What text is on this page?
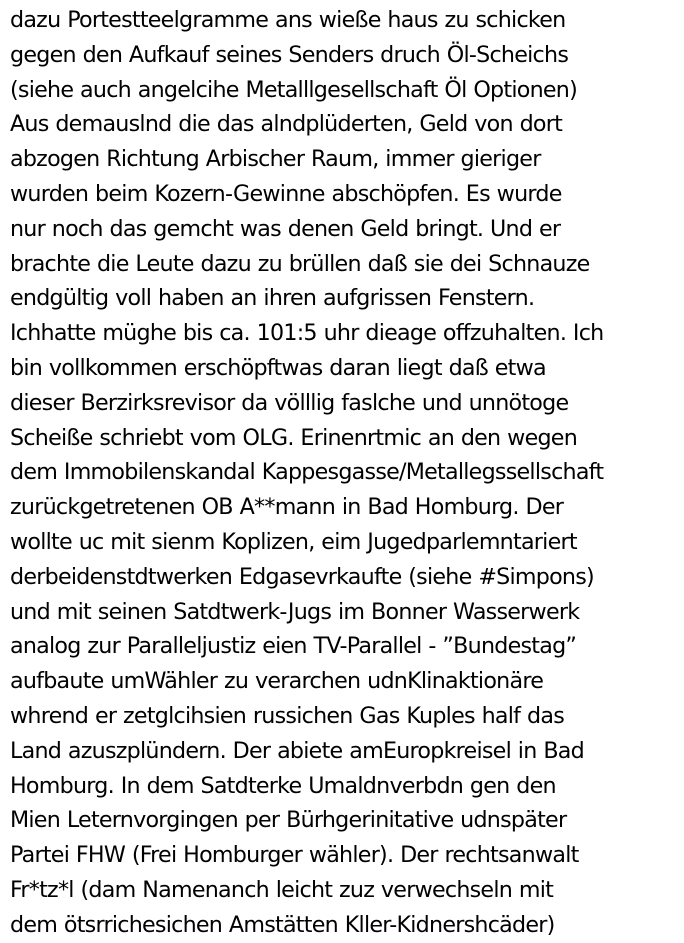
dazu Portestteelgramme ans wieße haus zu schicken
gegen den Aufkauf seines Senders druch Öl-Scheichs
(siehe auch angelcihe Metalllgesellschaft Öl Optionen)
Aus demauslnd die das alndplüderten, Geld von dort
abzogen Richtung Arbischer Raum, immer gieriger
wurden beim Kozern-Gewinne abschöpfen. Es wurde
nur noch das gemcht was denen Geld bringt. Und er
brachte die Leute dazu zu brüllen daß sie dei Schnauze
endgültig voll haben an ihren aufgrissen Fenstern.
Ichhatte müghe bis ca. 101:5 uhr dieage offzuhalten. Ich
bin vollkommen erschöpftwas daran liegt daß etwa
dieser Berzirksrevisor da völllig faslche und unnötoge
Scheiße schriebt vom OLG. Erinenrtmic an den wegen
dem Immobilenskandal Kappesgasse/Metallegssellschaft
zurückgetretenen OB A**mann in Bad Homburg. Der
wollte uc mit sienm Koplizen, eim Jugedparlemntariert
derbeidenstdtwerken Edgasevrkaufte (siehe #Simpons)
und mit seinen Satdtwerk-Jugs im Bonner Wasserwerk
analog zur Paralleljustiz eien TV-Parallel - ”Bundestag”
aufbaute umWähler zu verarchen udnKlinaktionäre
whrend er zetglcihsien russichen Gas Kuples half das
Land azuszplündern. Der abiete amEuropkreisel in Bad
Homburg. In dem Satdterke Umaldnverbdn gen den
Mien Leternvorgingen per Bürhgerinitative udnspäter
Partei FHW (Frei Homburger wähler). Der rechtsanwalt
Fr*tz*l (dam Namenanch leicht zuz verwechseln mit
dem ötsrrichesichen Amstätten Kller-Kidnershcäder)
